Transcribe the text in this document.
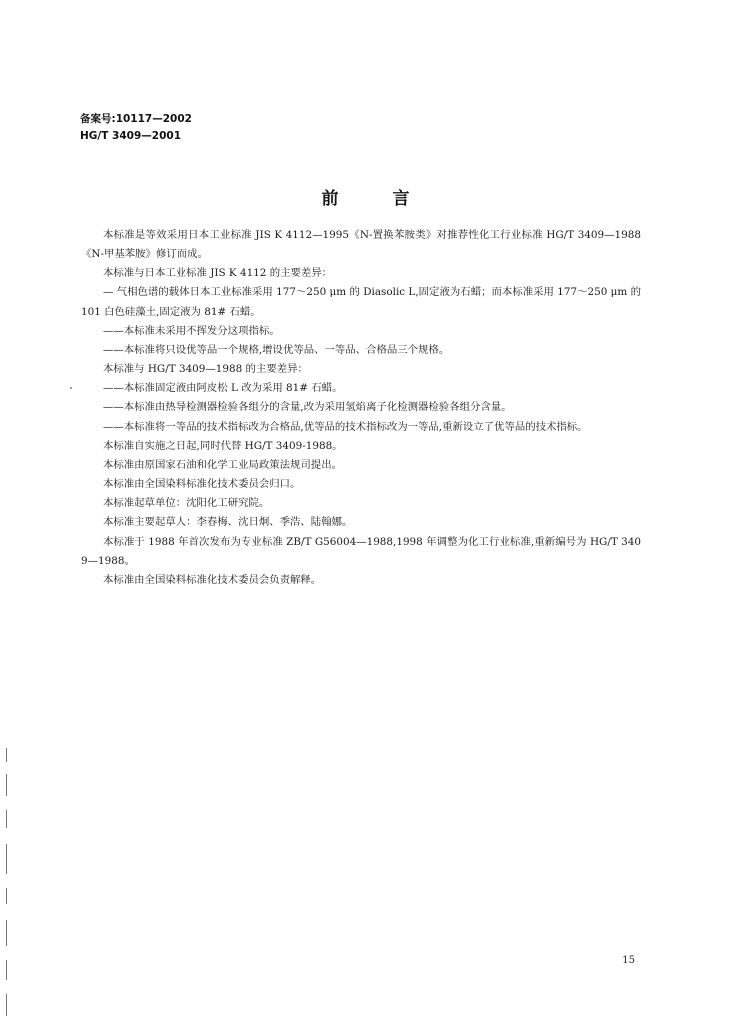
备案号:10117—2002
HG/T 3409—2001
前言

本标准是等效采用日本工业标准 JIS K 4112—1995《N-置换苯胺类》对推荐性化工行业标准 HG/T 3409—1988《N-甲基苯胺》修订而成。

本标准与日本工业标准 JIS K 4112 的主要差异：

— 气相色谱的载体日本工业标准采用 177～250 μm 的 Diasolic L,固定液为石蜡；而本标准采用 177～250 μm 的 101 白色硅藻土,固定液为 81# 石蜡。

——本标准未采用不挥发分这项指标。

——本标准将只设优等品一个规格,增设优等品、一等品、合格品三个规格。

本标准与 HG/T 3409—1988 的主要差异：

——本标准固定液由阿皮松 L 改为采用 81# 石蜡。

——本标准由热导检测器检验各组分的含量,改为采用氢焰离子化检测器检验各组分含量。

——本标准将一等品的技术指标改为合格品,优等品的技术指标改为一等品,重新设立了优等品的技术指标。

本标准自实施之日起,同时代替 HG/T 3409-1988。

本标准由原国家石油和化学工业局政策法规司提出。

本标准由全国染料标准化技术委员会归口。

本标准起草单位：沈阳化工研究院。

本标准主要起草人：李春梅、沈日炯、季浩、陆翰娜。

本标准于 1988 年首次发布为专业标准 ZB/T G56004—1988,1998 年调整为化工行业标准,重新编号为 HG/T 3409—1988。

本标准由全国染料标准化技术委员会负责解释。

15
